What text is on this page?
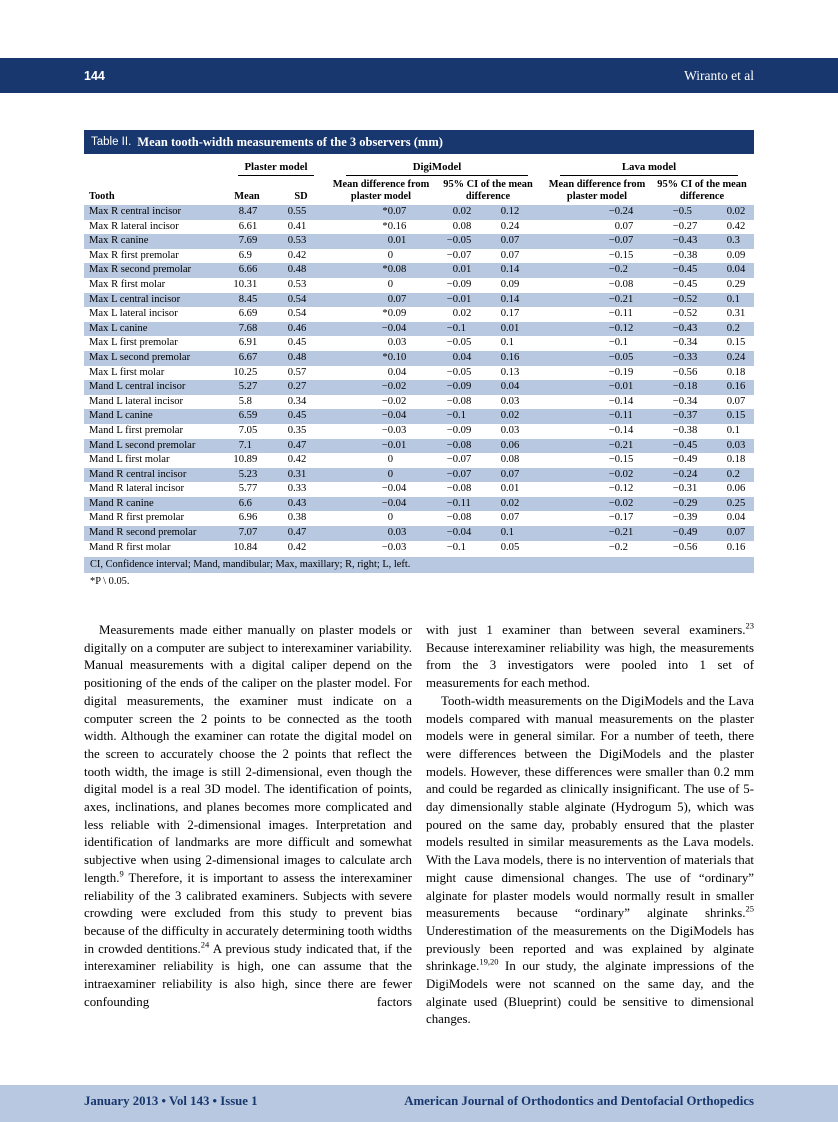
144	Wiranto et al
Table II. Mean tooth-width measurements of the 3 observers (mm)
Plaster model	DigiModel	Lava model
Tooth	Mean	SD
Mean difference from plaster model
95% CI of the mean difference
Mean difference from plaster model
95% CI of the mean difference
Max R central incisor	8 .47	0 .55	*0 .07	0 .02	0 .12	−0 .24	−0 .5	0 .02
Max R lateral incisor	6 .61	0 .41	*0 .16	0 .08	0 .24	0 .07	−0 .27	0 .42
Max R canine	7 .69	0 .53	0 .01	−0 .05	0 .07	−0 .07	−0 .43	0 .3
Max R first premolar	6 .9	0 .42	0	−0 .07	0 .07	−0 .15	−0 .38	0 .09
Max R second premolar	6 .66	0 .48	*0 .08	0 .01	0 .14	−0 .2	−0 .45	0 .04
Max R first molar	10 .31	0 .53	0	−0 .09	0 .09	−0 .08	−0 .45	0 .29
Max L central incisor	8 .45	0 .54	0 .07	−0 .01	0 .14	−0 .21	−0 .52	0 .1
Max L lateral incisor	6 .69	0 .54	*0 .09	0 .02	0 .17	−0 .11	−0 .52	0 .31
Max L canine	7 .68	0 .46	−0 .04	−0 .1	0 .01	−0 .12	−0 .43	0 .2
Max L first premolar	6 .91	0 .45	0 .03	−0 .05	0 .1	−0 .1	−0 .34	0 .15
Max L second premolar	6 .67	0 .48	*0 .10	0 .04	0 .16	−0 .05	−0 .33	0 .24
Max L first molar	10 .25	0 .57	0 .04	−0 .05	0 .13	−0 .19	−0 .56	0 .18
Mand L central incisor	5 .27	0 .27	−0 .02	−0 .09	0 .04	−0 .01	−0 .18	0 .16
Mand L lateral incisor	5 .8	0 .34	−0 .02	−0 .08	0 .03	−0 .14	−0 .34	0 .07
Mand L canine	6 .59	0 .45	−0 .04	−0 .1	0 .02	−0 .11	−0 .37	0 .15
Mand L first premolar	7 .05	0 .35	−0 .03	−0 .09	0 .03	−0 .14	−0 .38	0 .1
Mand L second premolar	7 .1	0 .47	−0 .01	−0 .08	0 .06	−0 .21	−0 .45	0 .03
Mand L first molar	10 .89	0 .42	0	−0 .07	0 .08	−0 .15	−0 .49	0 .18
Mand R central incisor	5 .23	0 .31	0	−0 .07	0 .07	−0 .02	−0 .24	0 .2
Mand R lateral incisor	5 .77	0 .33	−0 .04	−0 .08	0 .01	−0 .12	−0 .31	0 .06
Mand R canine	6 .6	0 .43	−0 .04	−0 .11	0 .02	−0 .02	−0 .29	0 .25
Mand R first premolar	6 .96	0 .38	0	−0 .08	0 .07	−0 .17	−0 .39	0 .04
Mand R second premolar	7 .07	0 .47	0 .03	−0 .04	0 .1	−0 .21	−0 .49	0 .07
Mand R first molar	10 .84	0 .42	−0 .03	−0 .1	0 .05	−0 .2	−0 .56	0 .16
CI, Confidence interval; Mand, mandibular; Max, maxillary; R, right; L, left.
*P \ 0.05.

Measurements made either manually on plaster models or digitally on a computer are subject to interexaminer variability. Manual measurements with a digital caliper depend on the positioning of the ends of the caliper on the plaster model. For digital measurements, the examiner must indicate on a computer screen the 2 points to be connected as the tooth width. Although the examiner can rotate the digital model on the screen to accurately choose the 2 points that reflect the tooth width, the image is still 2-dimensional, even though the digital model is a real 3D model. The identification of points, axes, inclinations, and planes becomes more complicated and less reliable with 2-dimensional images. Interpretation and identification of landmarks are more difficult and somewhat subjective when using 2-dimensional images to calculate arch length.$^9$ Therefore, it is important to assess the interexaminer reliability of the 3 calibrated examiners. Subjects with severe crowding were excluded from this study to prevent bias because of the difficulty in accurately determining tooth widths in crowded dentitions.$^{24}$ A previous study indicated that, if the interexaminer reliability is high, one can assume that the intraexaminer reliability is also high, since there are fewer confounding factors

with just 1 examiner than between several examiners.$^{23}$ Because interexaminer reliability was high, the measurements from the 3 investigators were pooled into 1 set of measurements for each method.

Tooth-width measurements on the DigiModels and the Lava models compared with manual measurements on the plaster models were in general similar. For a number of teeth, there were differences between the DigiModels and the plaster models. However, these differences were smaller than 0.2 mm and could be regarded as clinically insignificant. The use of 5-day dimensionally stable alginate (Hydrogum 5), which was poured on the same day, probably ensured that the plaster models resulted in similar measurements as the Lava models. With the Lava models, there is no intervention of materials that might cause dimensional changes. The use of “ordinary” alginate for plaster models would normally result in smaller measurements because “ordinary” alginate shrinks.$^{25}$ Underestimation of the measurements on the DigiModels has previously been reported and was explained by alginate shrinkage.$^{19,20}$ In our study, the alginate impressions of the DigiModels were not scanned on the same day, and the alginate used (Blueprint) could be sensitive to dimensional changes.

January 2013 • Vol 143 • Issue 1	American Journal of Orthodontics and Dentofacial Orthopedics
